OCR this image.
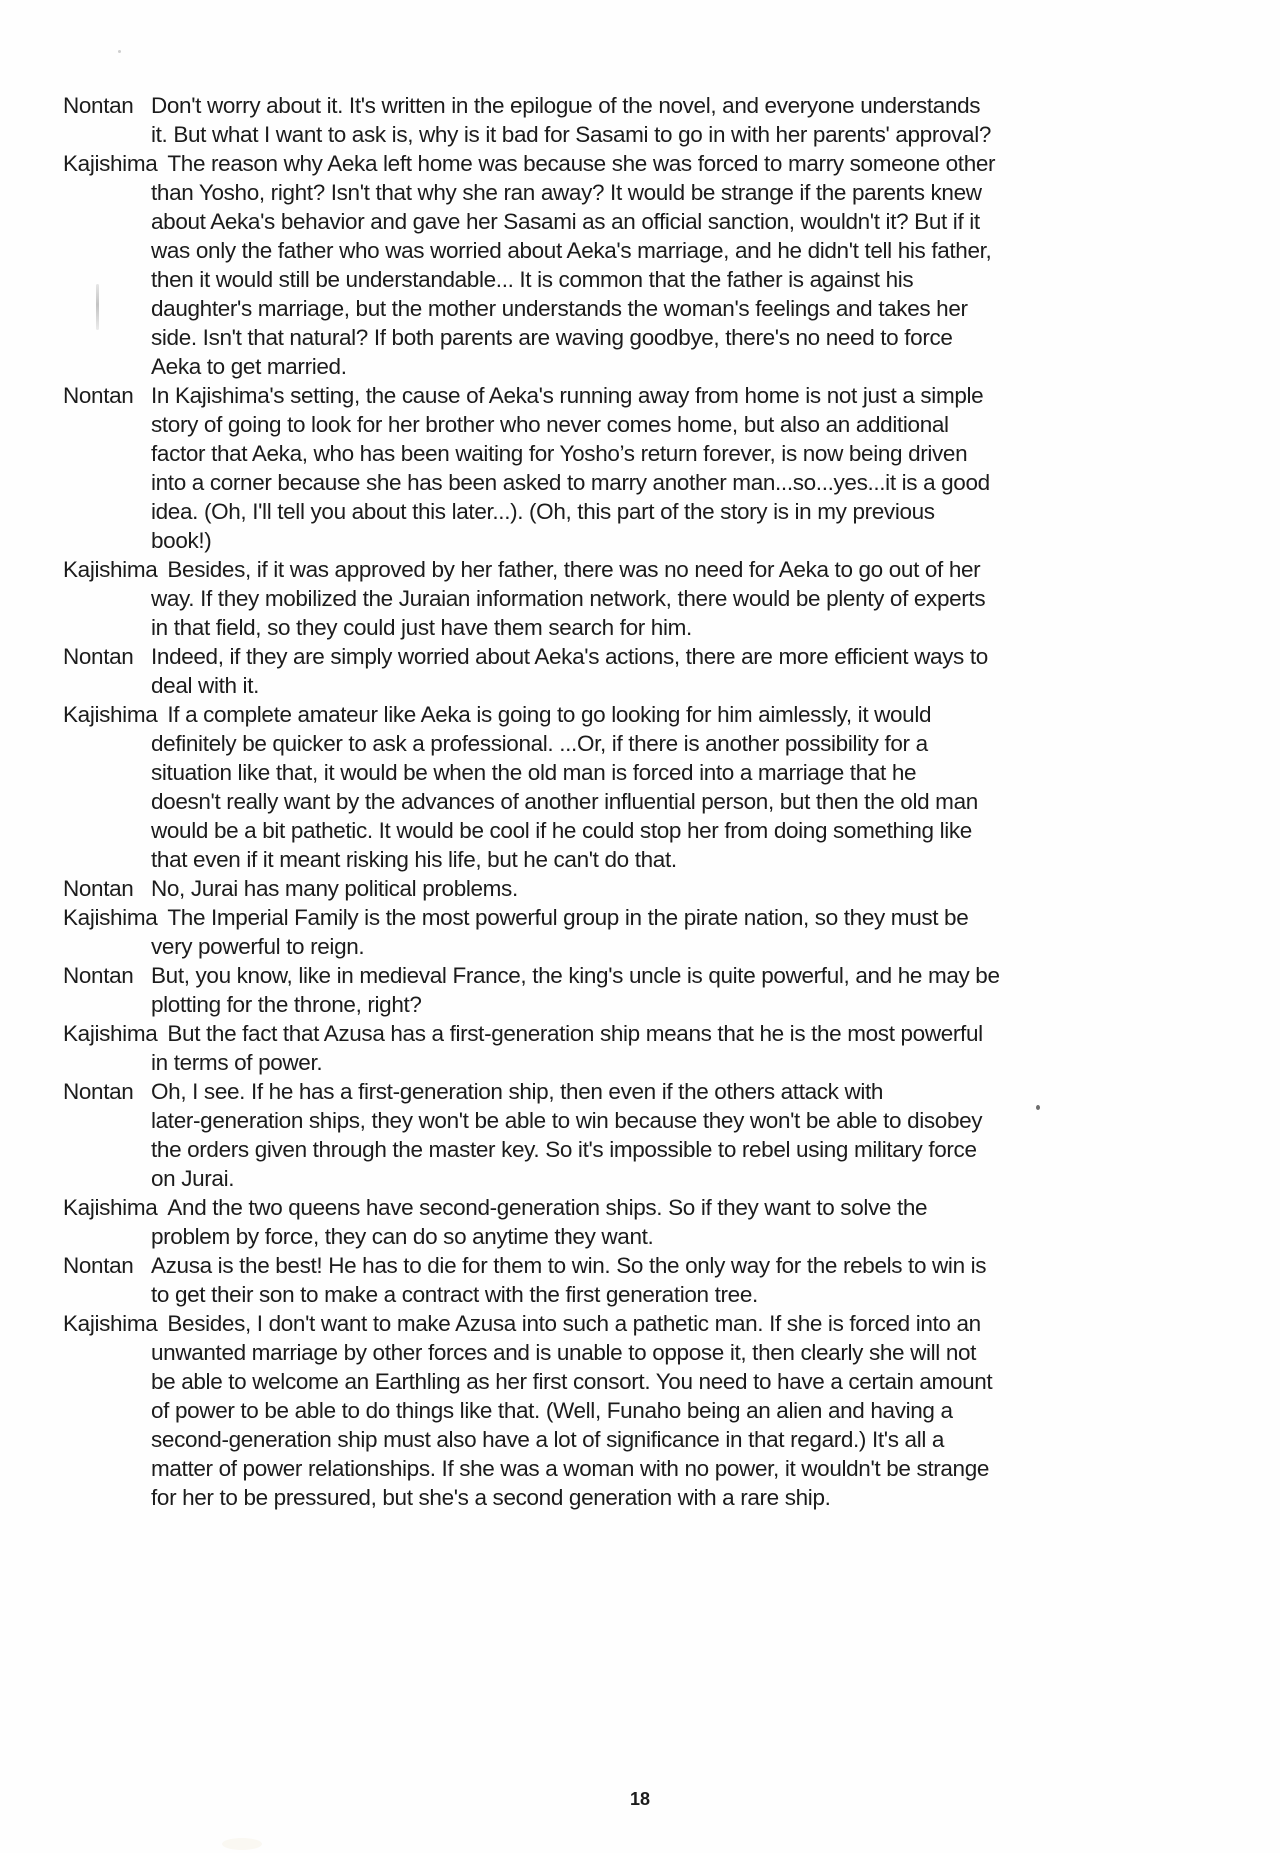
Nontan Don't worry about it. It's written in the epilogue of the novel, and everyone understands
it. But what I want to ask is, why is it bad for Sasami to go in with her parents' approval?
Kajishima The reason why Aeka left home was because she was forced to marry someone other
than Yosho, right? Isn't that why she ran away? It would be strange if the parents knew
about Aeka's behavior and gave her Sasami as an official sanction, wouldn't it? But if it
was only the father who was worried about Aeka's marriage, and he didn't tell his father,
then it would still be understandable... It is common that the father is against his
daughter's marriage, but the mother understands the woman's feelings and takes her
side. Isn't that natural? If both parents are waving goodbye, there's no need to force
Aeka to get married.
Nontan In Kajishima's setting, the cause of Aeka's running away from home is not just a simple
story of going to look for her brother who never comes home, but also an additional
factor that Aeka, who has been waiting for Yosho’s return forever, is now being driven
into a corner because she has been asked to marry another man...so...yes...it is a good
idea. (Oh, I'll tell you about this later...). (Oh, this part of the story is in my previous
book!)
Kajishima Besides, if it was approved by her father, there was no need for Aeka to go out of her
way. If they mobilized the Juraian information network, there would be plenty of experts
in that field, so they could just have them search for him.
Nontan Indeed, if they are simply worried about Aeka's actions, there are more efficient ways to
deal with it.
Kajishima If a complete amateur like Aeka is going to go looking for him aimlessly, it would
definitely be quicker to ask a professional. ...Or, if there is another possibility for a
situation like that, it would be when the old man is forced into a marriage that he
doesn't really want by the advances of another influential person, but then the old man
would be a bit pathetic. It would be cool if he could stop her from doing something like
that even if it meant risking his life, but he can't do that.
Nontan No, Jurai has many political problems.
Kajishima The Imperial Family is the most powerful group in the pirate nation, so they must be
very powerful to reign.
Nontan But, you know, like in medieval France, the king's uncle is quite powerful, and he may be
plotting for the throne, right?
Kajishima But the fact that Azusa has a first-generation ship means that he is the most powerful
in terms of power.
Nontan Oh, I see. If he has a first-generation ship, then even if the others attack with
later-generation ships, they won't be able to win because they won't be able to disobey
the orders given through the master key. So it's impossible to rebel using military force
on Jurai.
Kajishima And the two queens have second-generation ships. So if they want to solve the
problem by force, they can do so anytime they want.
Nontan Azusa is the best! He has to die for them to win. So the only way for the rebels to win is
to get their son to make a contract with the first generation tree.
Kajishima Besides, I don't want to make Azusa into such a pathetic man. If she is forced into an
unwanted marriage by other forces and is unable to oppose it, then clearly she will not
be able to welcome an Earthling as her first consort. You need to have a certain amount
of power to be able to do things like that. (Well, Funaho being an alien and having a
second-generation ship must also have a lot of significance in that regard.) It's all a
matter of power relationships. If she was a woman with no power, it wouldn't be strange
for her to be pressured, but she's a second generation with a rare ship.
18
